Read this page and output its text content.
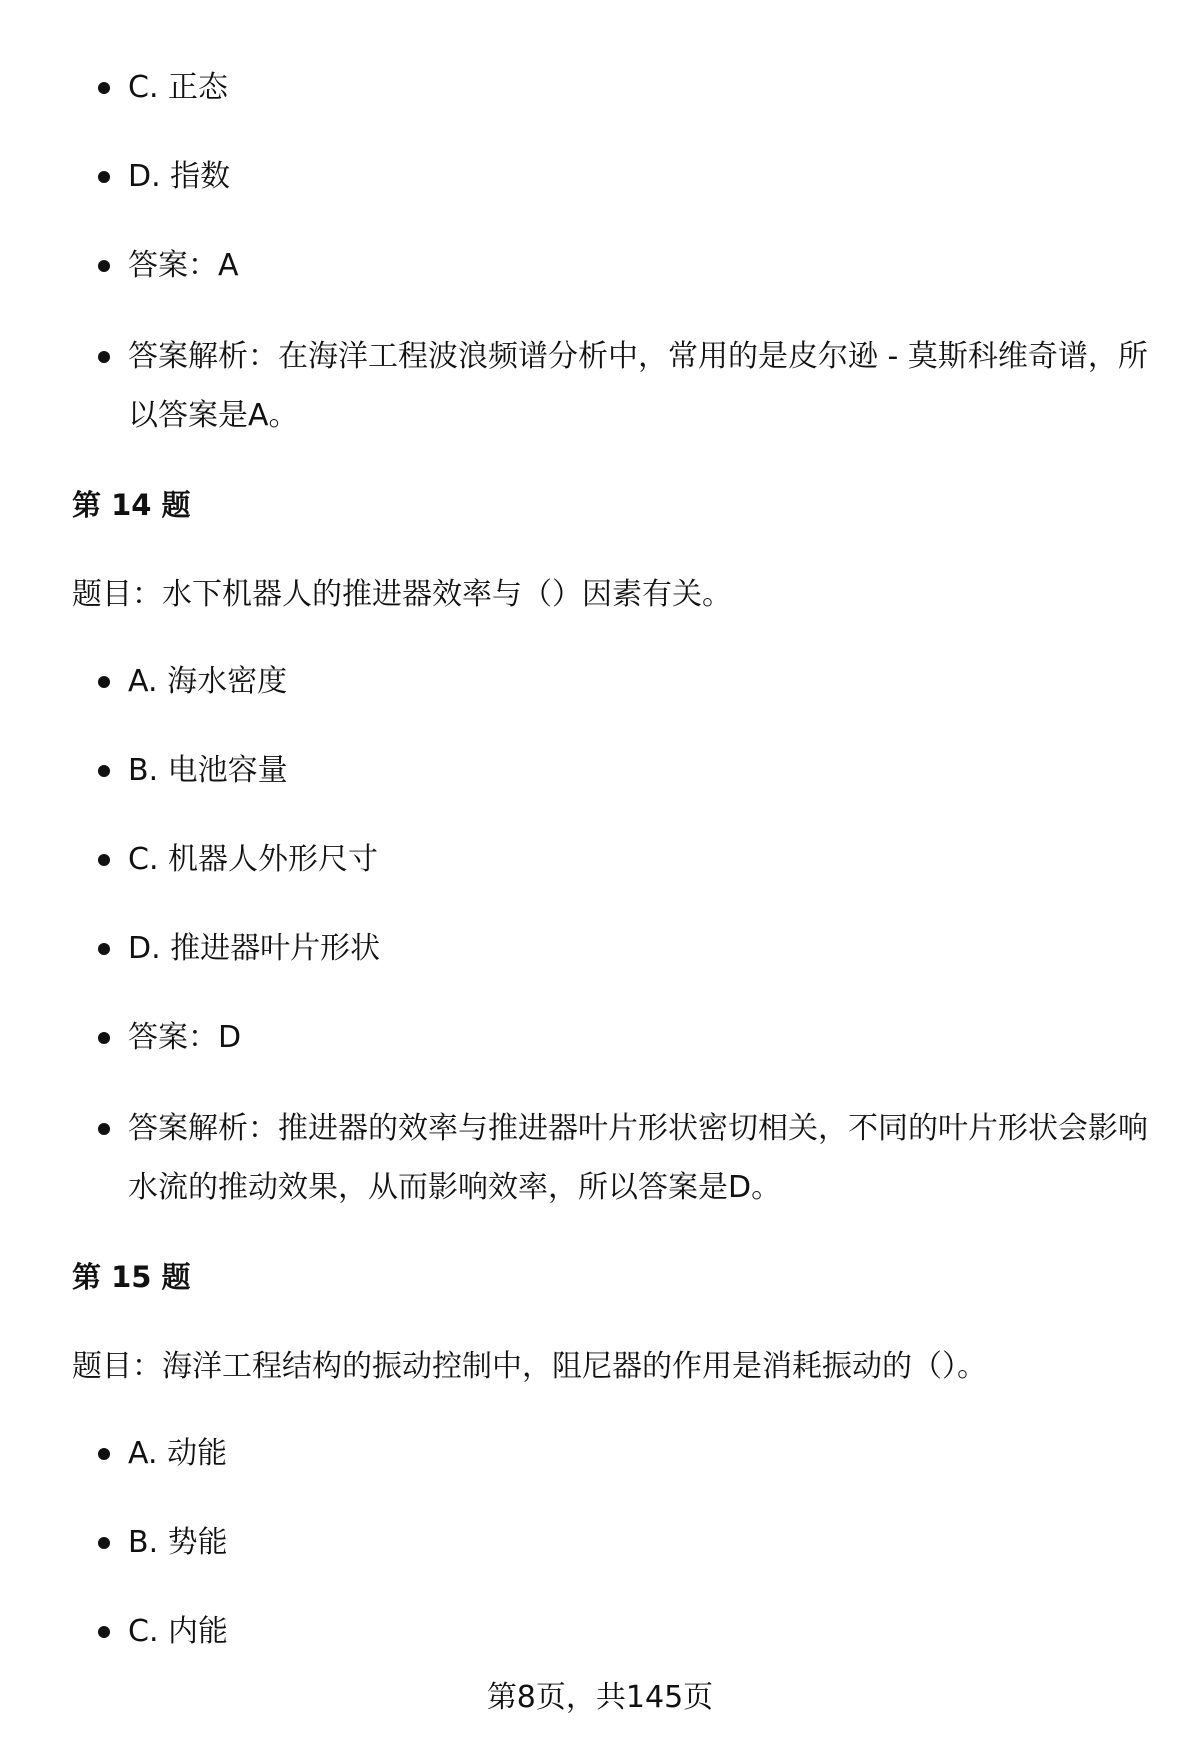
C. 正态
D. 指数
答案：A
答案解析：在海洋工程波浪频谱分析中，常用的是皮尔逊 - 莫斯科维奇谱，所以答案是A。
第 14 题
题目：水下机器人的推进器效率与（）因素有关。
A. 海水密度
B. 电池容量
C. 机器人外形尺寸
D. 推进器叶片形状
答案：D
答案解析：推进器的效率与推进器叶片形状密切相关，不同的叶片形状会影响水流的推动效果，从而影响效率，所以答案是D。
第 15 题
题目：海洋工程结构的振动控制中，阻尼器的作用是消耗振动的（）。
A. 动能
B. 势能
C. 内能
第8页，共145页
